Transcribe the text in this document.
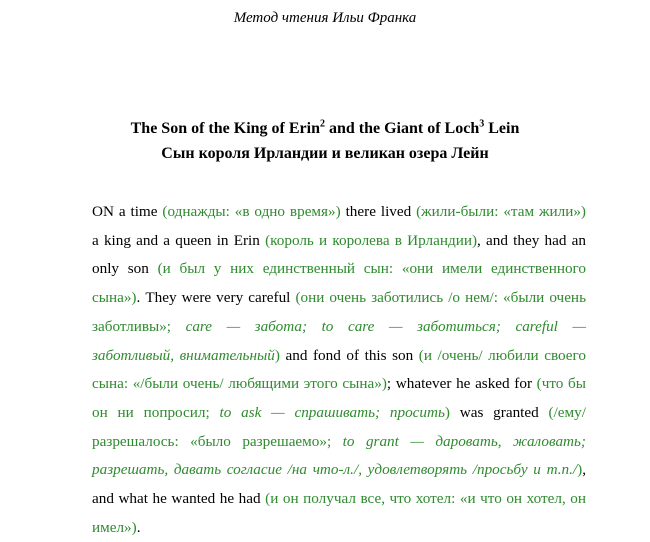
Метод чтения Ильи Франка
The Son of the King of Erin$^2$ and the Giant of Loch$^3$ Lein
Сын короля Ирландии и великан озера Лейн
ON a time (однажды: «в одно время») there lived (жили-были: «там жили»)
a king and a queen in Erin (король и королева в Ирландии), and they had an
only son (и был у них единственный сын: «они имели единственного
сына»). They were very careful (они очень заботились /о нем/: «были очень
заботливы»; care — забота; to care — заботиться; careful —
заботливый, внимательный) and fond of this son (и /очень/ любили своего
сына: «/были очень/ любящими этого сына»); whatever he asked for (что бы
он ни попросил; to ask — спрашивать; просить) was granted (/ему/
разрешалось: «было разрешаемо»; to grant — даровать, жаловать;
разрешать, давать согласие /на что-л./, удовлетворять /просьбу и т.п./),
and what he wanted he had (и он получал все, что хотел: «и что он хотел, он
имел»).
